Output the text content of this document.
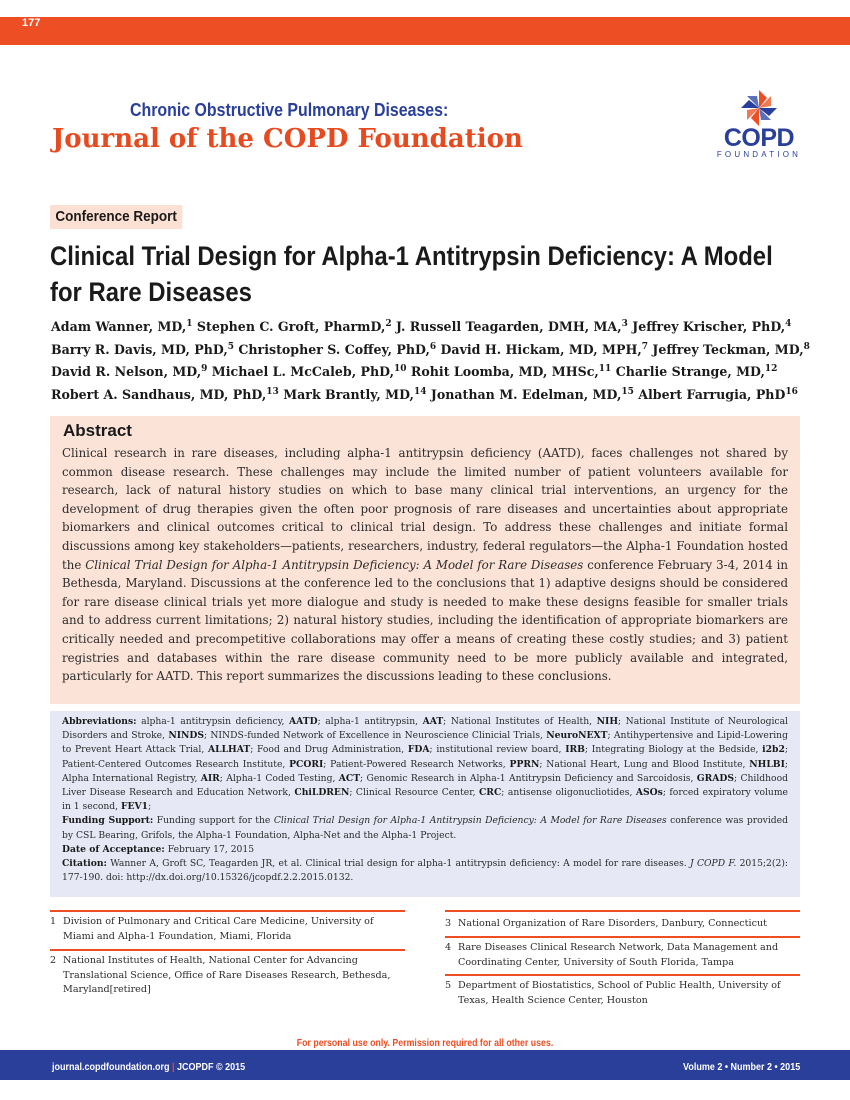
177
Chronic Obstructive Pulmonary Diseases:
Journal of the COPD Foundation	COPD
FOUNDATION
Conference Report
Clinical Trial Design for Alpha-1 Antitrypsin Deficiency: A Model for Rare Diseases
Adam Wanner, MD,$^1$ Stephen C. Groft, PharmD,$^2$ J. Russell Teagarden, DMH, MA,$^3$ Jeffrey Krischer, PhD,$^4$
Barry R. Davis, MD, PhD,$^5$ Christopher S. Coffey, PhD,$^6$ David H. Hickam, MD, MPH,$^7$ Jeffrey Teckman, MD,$^8$
David R. Nelson, MD,$^9$ Michael L. McCaleb, PhD,$^{10}$ Rohit Loomba, MD, MHSc,$^{11}$ Charlie Strange, MD,$^{12}$
Robert A. Sandhaus, MD, PhD,$^{13}$ Mark Brantly, MD,$^{14}$ Jonathan M. Edelman, MD,$^{15}$ Albert Farrugia, PhD$^{16}$
Abstract

Clinical research in rare diseases, including alpha-1 antitrypsin deficiency (AATD), faces challenges not shared by common disease research. These challenges may include the limited number of patient volunteers available for research, lack of natural history studies on which to base many clinical trial interventions, an urgency for the development of drug therapies given the often poor prognosis of rare diseases and uncertainties about appropriate biomarkers and clinical outcomes critical to clinical trial design. To address these challenges and initiate formal discussions among key stakeholders—patients, researchers, industry, federal regulators—the Alpha-1 Foundation hosted the Clinical Trial Design for Alpha-1 Antitrypsin Deficiency: A Model for Rare Diseases conference February 3-4, 2014 in Bethesda, Maryland. Discussions at the conference led to the conclusions that 1) adaptive designs should be considered for rare disease clinical trials yet more dialogue and study is needed to make these designs feasible for smaller trials and to address current limitations; 2) natural history studies, including the identification of appropriate biomarkers are critically needed and precompetitive collaborations may offer a means of creating these costly studies; and 3) patient registries and databases within the rare disease community need to be more publicly available and integrated, particularly for AATD. This report summarizes the discussions leading to these conclusions.

Abbreviations: alpha-1 antitrypsin deficiency, AATD; alpha-1 antitrypsin, AAT; National Institutes of Health, NIH; National Institute of Neurological Disorders and Stroke, NINDS; NINDS-funded Network of Excellence in Neuroscience Clinicial Trials, NeuroNEXT; Antihypertensive and Lipid-Lowering to Prevent Heart Attack Trial, ALLHAT; Food and Drug Administration, FDA; institutional review board, IRB; Integrating Biology at the Bedside, i2b2; Patient-Centered Outcomes Research Institute, PCORI; Patient-Powered Research Networks, PPRN; National Heart, Lung and Blood Institute, NHLBI; Alpha International Registry, AIR; Alpha-1 Coded Testing, ACT; Genomic Research in Alpha-1 Antitrypsin Deficiency and Sarcoidosis, GRADS; Childhood Liver Disease Research and Education Network, ChiLDREN; Clinical Resource Center, CRC; antisense oligonucliotides, ASOs; forced expiratory volume in 1 second, FEV1;

Funding Support: Funding support for the Clinical Trial Design for Alpha-1 Antitrypsin Deficiency: A Model for Rare Diseases conference was provided by CSL Bearing, Grifols, the Alpha-1 Foundation, Alpha-Net and the Alpha-1 Project.

Date of Acceptance: February 17, 2015

Citation: Wanner A, Groft SC, Teagarden JR, et al. Clinical trial design for alpha-1 antitrypsin deficiency: A model for rare diseases. J COPD F. 2015;2(2): 177-190. doi: http://dx.doi.org/10.15326/jcopdf.2.2.2015.0132.

1 Division of Pulmonary and Critical Care Medicine, University of Miami and Alpha-1 Foundation, Miami, Florida
2 National Institutes of Health, National Center for Advancing Translational Science, Office of Rare Diseases Research, Bethesda, Maryland[retired]
3 National Organization of Rare Disorders, Danbury, Connecticut
4 Rare Diseases Clinical Research Network, Data Management and Coordinating Center, University of South Florida, Tampa
5 Department of Biostatistics, School of Public Health, University of Texas, Health Science Center, Houston
For personal use only. Permission required for all other uses.
journal.copdfoundation.org | JCOPDF © 2015	Volume 2 • Number 2 • 2015
